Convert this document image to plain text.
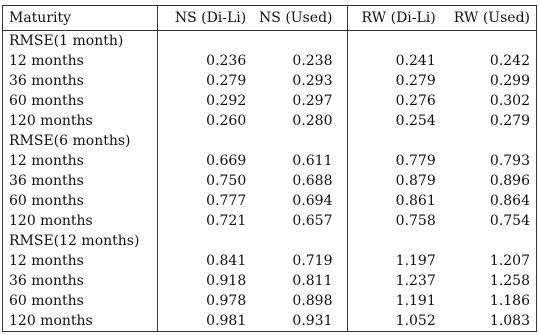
Maturity	NS (Di-Li)	NS (Used)	RW (Di-Li)	RW (Used)
RMSE(1 month)				
12 months	0.236	0.238	0.241	0.242
36 months	0.279	0.293	0.279	0.299
60 months	0.292	0.297	0.276	0.302
120 months	0.260	0.280	0.254	0.279
RMSE(6 months)				
12 months	0.669	0.611	0.779	0.793
36 months	0.750	0.688	0.879	0.896
60 months	0.777	0.694	0.861	0.864
120 months	0.721	0.657	0.758	0.754
RMSE(12 months)				
12 months	0.841	0.719	1.197	1.207
36 months	0.918	0.811	1.237	1.258
60 months	0.978	0.898	1.191	1.186
120 months	0.981	0.931	1.052	1.083
